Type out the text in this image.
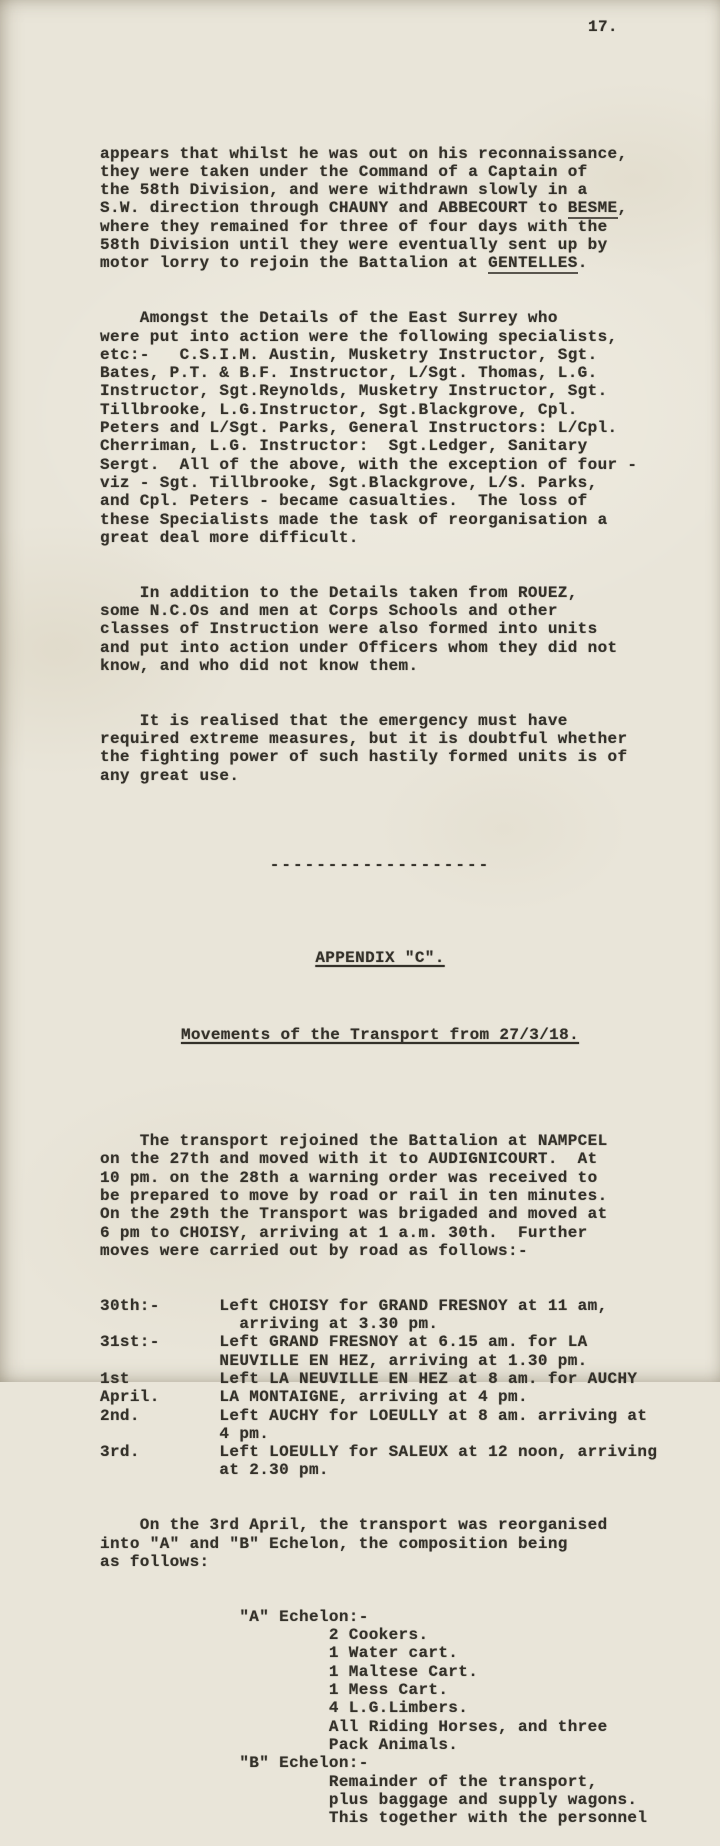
17.

appears that whilst he was out on his reconnaissance,
they were taken under the Command of a Captain of
the 58th Division, and were withdrawn slowly in a
S.W. direction through CHAUNY and ABBECOURT to BESME,
where they remained for three of four days with the
58th Division until they were eventually sent up by
motor lorry to rejoin the Battalion at GENTELLES.

Amongst the Details of the East Surrey who
were put into action were the following specialists,
etc:-   C.S.I.M. Austin, Musketry Instructor, Sgt.
Bates, P.T. & B.F. Instructor, L/Sgt. Thomas, L.G.
Instructor, Sgt.Reynolds, Musketry Instructor, Sgt.
Tillbrooke, L.G.Instructor, Sgt.Blackgrove, Cpl.
Peters and L/Sgt. Parks, General Instructors: L/Cpl.
Cherriman, L.G. Instructor:  Sgt.Ledger, Sanitary
Sergt.  All of the above, with the exception of four -
viz - Sgt. Tillbrooke, Sgt.Blackgrove, L/S. Parks,
and Cpl. Peters - became casualties.  The loss of
these Specialists made the task of reorganisation a
great deal more difficult.

In addition to the Details taken from ROUEZ,
some N.C.Os and men at Corps Schools and other
classes of Instruction were also formed into units
and put into action under Officers whom they did not
know, and who did not know them.

It is realised that the emergency must have
required extreme measures, but it is doubtful whether
the fighting power of such hastily formed units is of
any great use.

-------------------

APPENDIX "C".

Movements of the Transport from 27/3/18.

The transport rejoined the Battalion at NAMPCEL
on the 27th and moved with it to AUDIGNICOURT.  At
10 pm. on the 28th a warning order was received to
be prepared to move by road or rail in ten minutes.
On the 29th the Transport was brigaded and moved at
6 pm to CHOISY, arriving at 1 a.m. 30th.  Further
moves were carried out by road as follows:-

30th:-      Left CHOISY for GRAND FRESNOY at 11 am,
arriving at 3.30 pm.
31st:-      Left GRAND FRESNOY at 6.15 am. for LA
NEUVILLE EN HEZ, arriving at 1.30 pm.
1st         Left LA NEUVILLE EN HEZ at 8 am. for AUCHY
April.      LA MONTAIGNE, arriving at 4 pm.
2nd.        Left AUCHY for LOEULLY at 8 am. arriving at
4 pm.
3rd.        Left LOEULLY for SALEUX at 12 noon, arriving
at 2.30 pm.

On the 3rd April, the transport was reorganised
into "A" and "B" Echelon, the composition being
as follows:

"A" Echelon:-
2 Cookers.
1 Water cart.
1 Maltese Cart.
1 Mess Cart.
4 L.G.Limbers.
All Riding Horses, and three
Pack Animals.
"B" Echelon:-
Remainder of the transport,
plus baggage and supply wagons.
This together with the personnel
